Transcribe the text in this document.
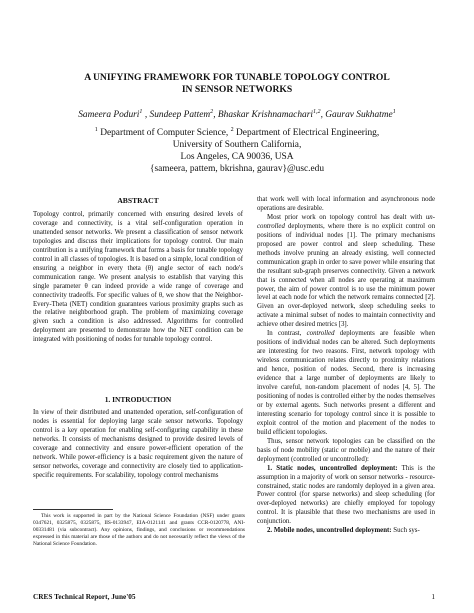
A UNIFYING FRAMEWORK FOR TUNABLE TOPOLOGY CONTROL
IN SENSOR NETWORKS
Sameera Poduri$^1$ , Sundeep Pattem$^2$, Bhaskar Krishnamachari$^{1,2}$, Gaurav Sukhatme$^1$
$^1$ Department of Computer Science, $^2$ Department of Electrical Engineering,
University of Southern California,
Los Angeles, CA 90036, USA
{sameera, pattem, bkrishna, gaurav}@usc.edu
ABSTRACT

Topology control, primarily concerned with ensuring desired levels of coverage and connectivity, is a vital self-configuration operation in unattended sensor networks. We present a classification of sensor network topologies and discuss their implications for topology control. Our main contribution is a unifying framework that forms a basis for tunable topology control in all classes of topologies. It is based on a simple, local condition of ensuring a neighbor in every theta (θ) angle sector of each node's communication range. We present analysis to establish that varying this single parameter θ can indeed provide a wide range of coverage and connectivity tradeoffs. For specific values of θ, we show that the Neighbor-Every-Theta (NET) condition guarantees various proximity graphs such as the relative neighborhood graph. The problem of maximizing coverage given such a condition is also addressed. Algorithms for controlled deployment are presented to demonstrate how the NET condition can be integrated with positioning of nodes for tunable topology control.

1. INTRODUCTION

In view of their distributed and unattended operation, self-configuration of nodes is essential for deploying large scale sensor networks. Topology control is a key operation for enabling self-configuring capability in these networks. It consists of mechanisms designed to provide desired levels of coverage and connectivity and ensure power-efficient operation of the network. While power-efficiency is a basic requirement given the nature of sensor networks, coverage and connectivity are closely tied to application-specific requirements. For scalability, topology control mechanisms

This work is supported in part by the National Science Foundation (NSF) under grants 0347621, 0325875, 0325875, IIS-0133947, EIA-0121141 and grants CCR-0120778, ANI-00331481 (via subcontract). Any opinions, findings, and conclusions or recommendations expressed in this material are those of the authors and do not necessarily reflect the views of the National Science Foundation.

that work well with local information and asynchronous node operations are desirable.

Most prior work on topology control has dealt with un-controlled deployments, where there is no explicit control on positions of individual nodes [1]. The primary mechanisms proposed are power control and sleep scheduling. These methods involve pruning an already existing, well connected communication graph in order to save power while ensuring that the resultant sub-graph preserves connectivity. Given a network that is connected when all nodes are operating at maximum power, the aim of power control is to use the minimum power level at each node for which the network remains connected [2]. Given an over-deployed network, sleep scheduling seeks to activate a minimal subset of nodes to maintain connectivity and achieve other desired metrics [3].

In contrast, controlled deployments are feasible when positions of individual nodes can be altered. Such deployments are interesting for two reasons. First, network topology with wireless communication relates directly to proximity relations and hence, position of nodes. Second, there is increasing evidence that a large number of deployments are likely to involve careful, non-random placement of nodes [4, 5]. The positioning of nodes is controlled either by the nodes themselves or by external agents. Such networks present a different and interesting scenario for topology control since it is possible to exploit control of the motion and placement of the nodes to build efficient topologies.

Thus, sensor network topologies can be classified on the basis of node mobility (static or mobile) and the nature of their deployment (controlled or uncontrolled):

1. Static nodes, uncontrolled deployment: This is the assumption in a majority of work on sensor networks - resource-constrained, static nodes are randomly deployed in a given area. Power control (for sparse networks) and sleep scheduling (for over-deployed networks) are chiefly employed for topology control. It is plausible that these two mechanisms are used in conjunction.

2. Mobile nodes, uncontrolled deployment: Such sys-

CRES Technical Report, June'05	1
